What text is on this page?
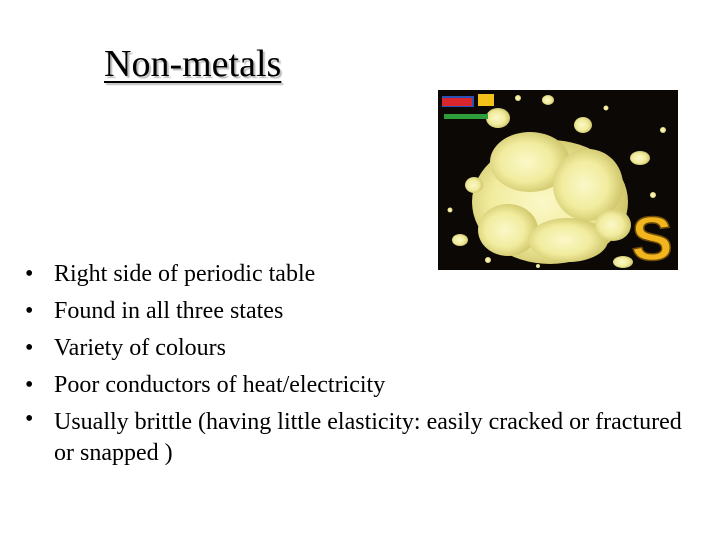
Non-metals
S
• Right side of periodic table
• Found in all three states
• Variety of colours
• Poor conductors of heat/electricity
• Usually brittle (having little elasticity: easily cracked or fractured or snapped )
